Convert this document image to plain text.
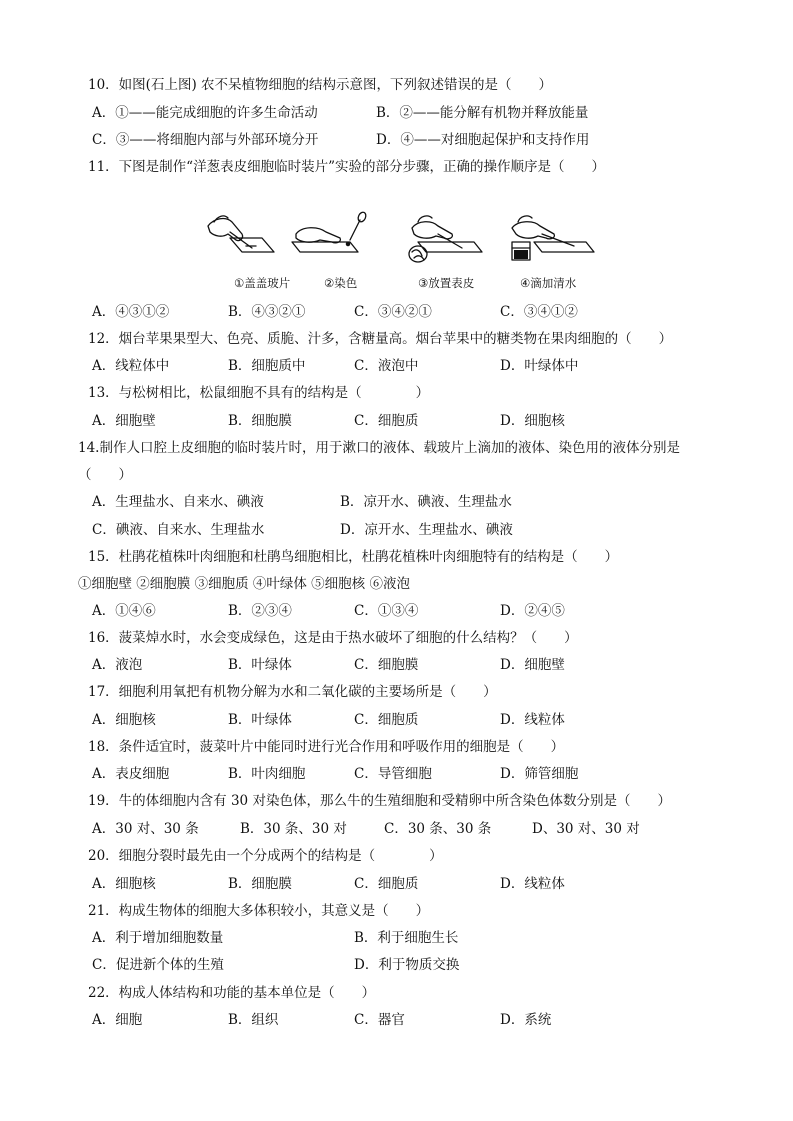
10．如图(石上图) 农不呆植物细胞的结构示意图，下列叙述错误的是（　　）
A．①——能完成细胞的许多生命活动	B．②——能分解有机物并释放能量
C．③——将细胞内部与外部环境分开	D．④——对细胞起保护和支持作用
11．下图是制作“洋葱表皮细胞临时装片”实验的部分步骤，正确的操作顺序是（　　）
①盖盖玻片	②染色	③放置表皮	④滴加清水
A．④③①②	B．④③②①	C．③④②①	C．③④①②
12．烟台苹果果型大、色亮、质脆、汁多，含糖量高。烟台苹果中的糖类物在果肉细胞的（　　）
A．线粒体中	B．细胞质中	C．液泡中	D．叶绿体中
13．与松树相比，松鼠细胞不具有的结构是（　　　　）
A．细胞壁	B．细胞膜	C．细胞质	D．细胞核
14.制作人口腔上皮细胞的临时装片时，用于漱口的液体、载玻片上滴加的液体、染色用的液体分别是
（　　）
A．生理盐水、自来水、碘液	B．凉开水、碘液、生理盐水
C．碘液、自来水、生理盐水	D．凉开水、生理盐水、碘液
15．杜鹃花植株叶肉细胞和杜鹃鸟细胞相比，杜鹃花植株叶肉细胞特有的结构是（　　）
①细胞壁 ②细胞膜 ③细胞质 ④叶绿体 ⑤细胞核 ⑥液泡
A．①④⑥	B．②③④	C．①③④	D．②④⑤
16．菠菜焯水时，水会变成绿色，这是由于热水破坏了细胞的什么结构？（　　）
A．液泡	B．叶绿体	C．细胞膜	D．细胞壁
17．细胞利用氧把有机物分解为水和二氧化碳的主要场所是（　　）
A．细胞核	B．叶绿体	C．细胞质	D．线粒体
18．条件适宜时，菠菜叶片中能同时进行光合作用和呼吸作用的细胞是（　　）
A．表皮细胞	B．叶肉细胞	C．导管细胞	D．筛管细胞
19．牛的体细胞内含有 30 对染色体，那么牛的生殖细胞和受精卵中所含染色体数分别是（　　）
A．30 对、30 条	B．30 条、30 对	C．30 条、30 条	D、30 对、30 对
20．细胞分裂时最先由一个分成两个的结构是（　　　　）
A．细胞核	B．细胞膜	C．细胞质	D．线粒体
21．构成生物体的细胞大多体积较小，其意义是（　　）
A．利于增加细胞数量	B．利于细胞生长
C．促进新个体的生殖	D．利于物质交换
22．构成人体结构和功能的基本单位是（　　）
A．细胞	B．组织	C．器官	D．系统
